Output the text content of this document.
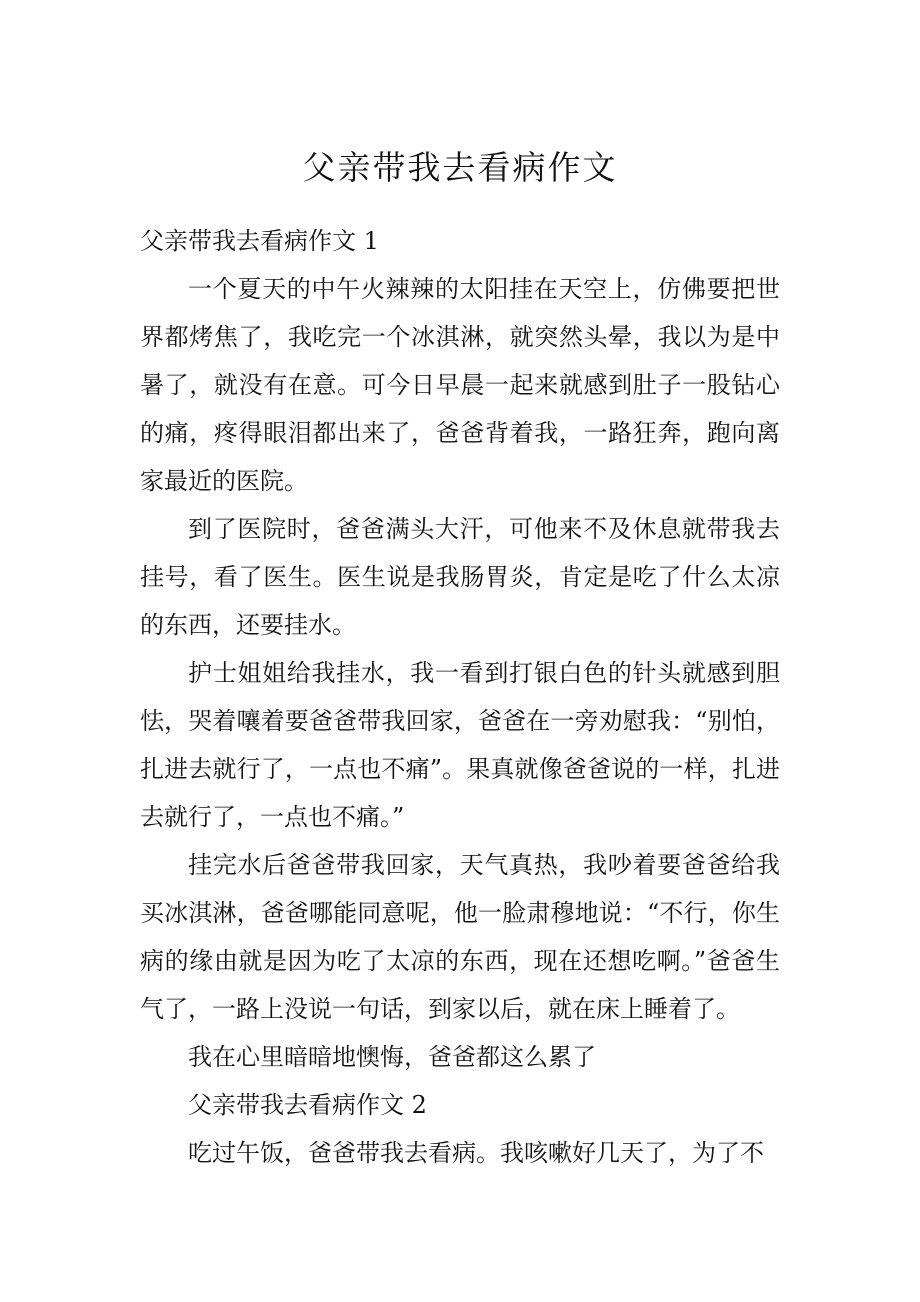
父亲带我去看病作文

父亲带我去看病作文 1

一个夏天的中午火辣辣的太阳挂在天空上，仿佛要把世界都烤焦了，我吃完一个冰淇淋，就突然头晕，我以为是中暑了，就没有在意。可今日早晨一起来就感到肚子一股钻心的痛，疼得眼泪都出来了，爸爸背着我，一路狂奔，跑向离家最近的医院。

到了医院时，爸爸满头大汗，可他来不及休息就带我去挂号，看了医生。医生说是我肠胃炎，肯定是吃了什么太凉的东西，还要挂水。

护士姐姐给我挂水，我一看到打银白色的针头就感到胆怯，哭着嚷着要爸爸带我回家，爸爸在一旁劝慰我：“别怕，扎进去就行了，一点也不痛”。果真就像爸爸说的一样，扎进去就行了，一点也不痛。”

挂完水后爸爸带我回家，天气真热，我吵着要爸爸给我买冰淇淋，爸爸哪能同意呢，他一脸肃穆地说：“不行，你生病的缘由就是因为吃了太凉的东西，现在还想吃啊。”爸爸生气了，一路上没说一句话，到家以后，就在床上睡着了。

我在心里暗暗地懊悔，爸爸都这么累了

父亲带我去看病作文 2

吃过午饭，爸爸带我去看病。我咳嗽好几天了，为了不
